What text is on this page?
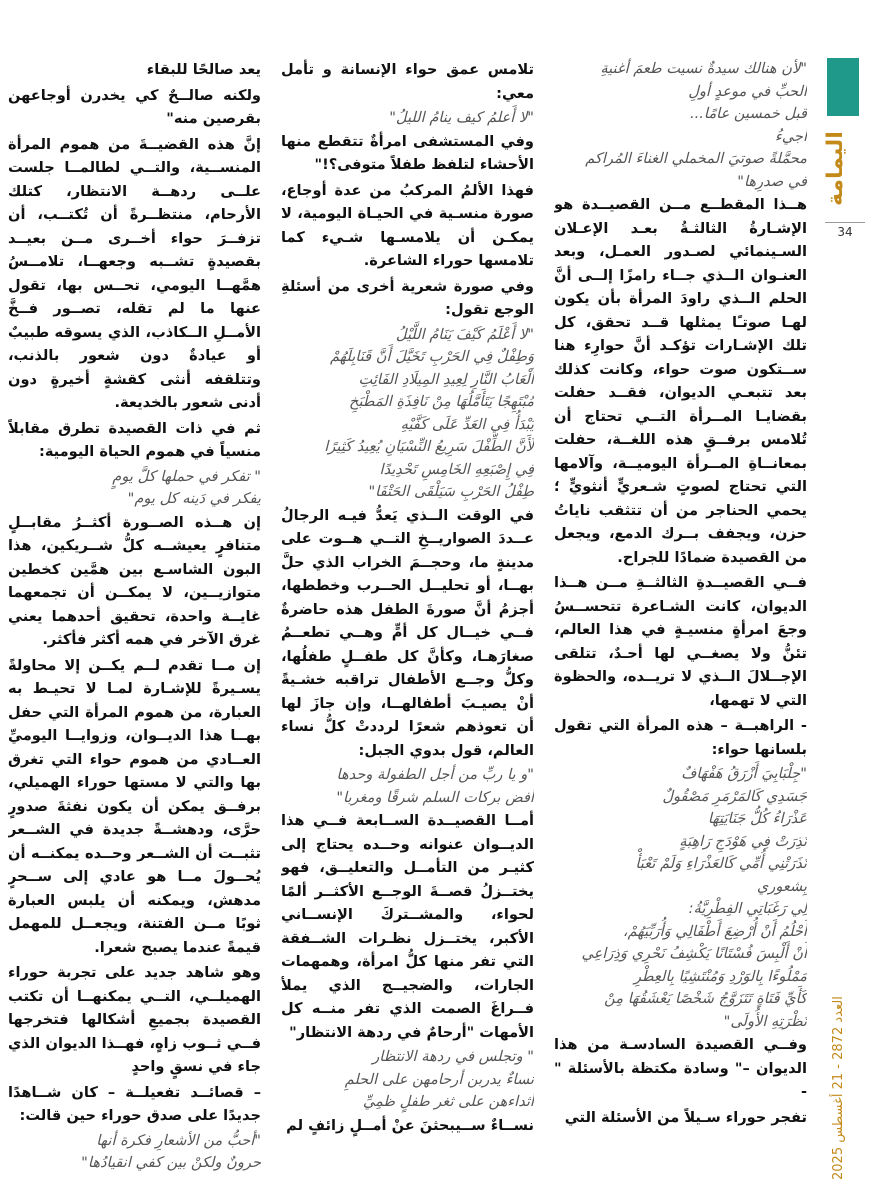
اليمامة
34
العدد 2872 - 21 أغسطس 2025
"لأن هنالك سيدةٌ نسيت طعمَ أغنيةِ
الحبِّ في موعدٍ أولِ
قبل خمسين عامًا...
أجيءُ
محمَّلةً صوتيَ المخملي الغناءَ المُراكم
في صدرِها"

هــذا المقطــع مــن القصيــدة هو الإشـارةُ الثالثـةُ بعـد الإعـلان السـينمائي لصـدور العمـل، وبعد العنـوان الــذي جــاء رامزًا إلــى أنَّ الحلم الــذي راودَ المرأة بأن يكون لهـا صوتـًا يمثلها قــد تحقق، كل تلك الإشـارات تؤكـد أنَّ حوارِء هنا ســتكون صوت حواء، وكانت كذلك بعد تتبعـي الديوان، فقــد حفلت بقضايـا المــرأة التــي تحتاج أن تُلامس برفــقٍ هذه اللغــة، حفلت بمعانــاةِ المــرأة اليوميــة، وآلامها التي تحتاج لصوتٍ شـعريٍّ أنثويٍّ ؛ يحمي الحناجر من أن تتثقب ناياتُ حزن، ويجفف بــرك الدمع، ويجعل من القصيدة ضمادًا للجراح.

فــي القصيــدةِ الثالثــةِ مــن هــذا الديوان، كانت الشـاعرة تتحســسُ وجعَ امرأةٍ منسيـةٍ في هذا العالم، تئنُّ ولا يصغــي لها أحـدٌ، تتلقى الإجــلالَ الــذي لا تريــده، والحظوة التي لا تهمها،

- الراهبــة – هذه المرأة التي تقول بلسانها حواء:

"جِلْبَابِيَ أَزْرَقُ هَفْهَافٌ
جَسَدِي كَالمَرْمَرِ مَصْقُولٌ
عَذْرَاءُ كُلُّ جَنَايَتِهَا
نُذِرَتْ فِي هَوْدَجِ رَاهِبَةٍ
نَذَرَتْنِي أُمِّي كَالعَذْرَاءِ وَلَمْ تَعْبَأْ
بِشعوري
لِي رَغَبَاتِي الفِطْرِيَّةُ:
أَحْلُمُ أَنْ أُرْضِعَ أَطْفَالِي وَأُرَبِّيَهُمْ،
أَنْ أَلْبِسَ فُسْتَانًا يَكْشِفُ نَحْرِي وَذِرَاعِي
مَمْلُوءًا بِالوَرْدِ وَمُنْتَشِيًا بِالعِطْرِ
كَأَيِّ فَتَاةٍ تَتَزَوَّجُ شَخْصًا يَعْشَقُهَا مِنْ
نَظْرَتِهِ الأُولَى"

وفــي القصيدة السادسـة من هذا الديوان –" وسادة مكتظة بالأسئلة " -

تفجر حوراء سـيلاً من الأسئلة التي

تلامس عمق حواء الإنسانة و تأمل معي:

"لا أَعلمُ كيف ينامُ الليلُ"

وفي المستشفى امرأةٌ تتقطع منها الأحشاء لتلفظ طفلاً متوفى؟!"

فهذا الألمُ المركبُ من عدة أوجاع، صورة منسـية في الحيـاة اليومية، لا يمكـن أن يلامسـها شـيء كما تلامسها حوراء الشاعرة.

وفي صورة شعرية أخرى من أسئلةِ الوجع تقول:

"لا أَعْلَمُ كَيْفَ يَنَامُ اللَّيْلُ
وَطِفْلٌ فِي الحَرْبِ تَخَيَّلَ أَنَّ قَنَابِلَهُمْ
أَلْعَابُ النَّارِ لِعِيدِ المِيلَادِ الفَائِتِ
مُبْتَهِجًا يَتَأَمَّلُهَا مِنْ نَافِذَةِ المَطْبَخِ
يَبْدَأُ فِي العَدِّ عَلَى كَفَّيْهِ
لَأَنَّ الطِّفْلَ سَرِيعُ النِّسْيَانِ يُعِيدُ كَثِيرًا
فِي إِصْبَعِهِ الخَامِسِ تَحْدِيدًا
طِفْلُ الحَرْبِ سَيَلْقَى الحَتْفَا"

في الوقت الــذي يَعدُّ فيـه الرجالُ عــددَ الصواريــخِ التــي هــوت على مدينةٍ ما، وحجــمَ الخراب الذي حلَّ بهــا، أو تحليــل الحــرب وخططها، أجزمُ أنَّ صورةَ الطفل هذه حاضرةٌ فــي خيــال كل أمٍّ وهــي تطعــمُ صغارَهـا، وكأنَّ كل طفــلٍ طفلُها، وكلُّ وجــع الأطفال تراقبه خشـيةً أنْ يصيـبَ أطفالهــا، وإن جازَ لها أن تعوذهم شعرًا لرددتْ كلُّ نساء العالم، قول بدوي الجبل:

"و يا ربِّ من أجل الطفولة وحدها
أفض بركات السلم شرقًا ومغربا"

أمــا القصيــدة الســابعة فــي هذا الديــوان عنوانه وحــده يحتاج إلى كثيـر من التأمــل والتعليــق، فهو يختــزلُ قصــةَ الوجــع الأكثــر ألمًا لحواء، والمشــتركَ الإنســاني الأكبر، يختــزل نظـرات الشــفقة التي تفر منها كلُّ امرأة، وهمهمات الجارات، والضجيــج الذي يملأ فــراغَ الصمت الذي تفر منــه كل الأمهات "أرحامٌ في ردهة الانتظار"

" وتجلس في ردهة الانتظار
نساءٌ يدربن أرحامهن على الحلمِ
أثداءهن على ثغر طفلٍ ظمِيِّ

نســاءٌ ســيبحثنَ عنْ أمــلٍ زائفٍ لم

يعد صالحًا للبقاء

ولكنه صالــحٌ كي يخدرن أوجاعهن بقرصين منه"

إنَّ هذه القضيــةَ من هموم المرأة المنســية، والتــي لطالمــا جلست علــى ردهــة الانتظار، كتلك الأرحام، منتظــرةً أن تُكتــب، أن تزفــرَ حواء أخــرى مــن بعيــد بقصيدةٍ تشــبه وجعهــا، تلامــسُ همَّهــا اليومي، تحــس بها، تقول عنها ما لم تقله، تصــور فــخَّ الأمــلِ الــكاذب، الذي يسوقه طبيبٌ أو عيادةٌ دون شعور بالذنب، وتتلقفه أنثى كقشةٍ أخيرةٍ دون أدنى شعور بالخديعة.

ثم في ذات القصيدة تطرق مقابلاً منسياً في هموم الحياة اليومية:

" تفكر في حملها كلَّ يومٍ
يفكر في دَينه كل يوم"

إن هــذه الصــورة أكثــرُ مقابــلٍ متنافرٍ يعيشــه كلُّ شــريكين، هذا البون الشاسـع بين همَّين كخطين متوازيــين، لا يمكــن أن تجمعهما غايــة واحدة، تحقيق أحدهما يعني غرق الآخر في همه أكثر فأكثر.

إن مــا تقدم لــم يكــن إلا محاولةً يسـيرةً للإشـارة لمـا لا تحيـط به العبارة، من هموم المرأة التي حفل بهــا هذا الديــوان، وزوايــا اليوميِّ العــادي من هموم حواء التي تغرق بها والتي لا مستها حوراء الهميلي، برفــق يمكن أن يكون نفثةَ صدورٍ حرَّى، ودهشــةً جديدة في الشــعر تثبــت أن الشــعر وحــده يمكنــه أن يُحــولَ مــا هو عادي إلى ســحرٍ مدهش، ويمكنه أن يلبس العبارة ثوبًا مــن الفتنة، ويجعــل للمهمل قيمةً عندما يصبح شعرا.

وهو شاهد جديد على تجربة حوراء الهميلــي، التــي يمكنهــا أن تكتب القصيدة بجميعِ أشكالها فتخرجها فــي ثــوب زاهٍ، فهــذا الديوان الذي جاء في نسقٍ واحدٍ

– قصائــد تفعيلــة – كان شــاهدًا جديدًا على صدق حوراء حين قالت:

"أحبُّ من الأشعارِ فكرة أنها
حرونٌ ولكنْ بين كفي انقيادُها"
